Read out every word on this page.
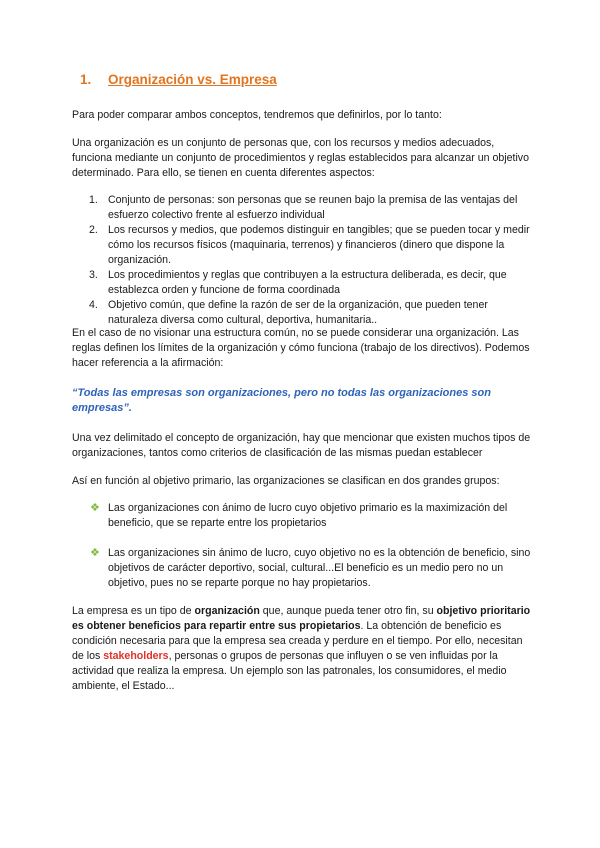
1. Organización vs. Empresa

Para poder comparar ambos conceptos, tendremos que definirlos, por lo tanto:

Una organización es un conjunto de personas que, con los recursos y medios adecuados, funciona mediante un conjunto de procedimientos y reglas establecidos para alcanzar un objetivo determinado. Para ello, se tienen en cuenta diferentes aspectos:

1. Conjunto de personas: son personas que se reunen bajo la premisa de las ventajas del esfuerzo colectivo frente al esfuerzo individual
2. Los recursos y medios, que podemos distinguir en tangibles; que se pueden tocar y medir cómo los recursos físicos (maquinaria, terrenos) y financieros (dinero que dispone la organización.
3. Los procedimientos y reglas que contribuyen a la estructura deliberada, es decir, que establezca orden y funcione de forma coordinada
4. Objetivo común, que define la razón de ser de la organización, que pueden tener naturaleza diversa como cultural, deportiva, humanitaria..

En el caso de no visionar una estructura común, no se puede considerar una organización. Las reglas definen los límites de la organización y cómo funciona (trabajo de los directivos). Podemos hacer referencia a la afirmación:

“Todas las empresas son organizaciones, pero no todas las organizaciones son empresas”.

Una vez delimitado el concepto de organización, hay que mencionar que existen muchos tipos de organizaciones, tantos como criterios de clasificación de las mismas puedan establecer

Así en función al objetivo primario, las organizaciones se clasifican en dos grandes grupos:

❖ Las organizaciones con ánimo de lucro cuyo objetivo primario es la maximización del beneficio, que se reparte entre los propietarios
❖ Las organizaciones sin ánimo de lucro, cuyo objetivo no es la obtención de beneficio, sino objetivos de carácter deportivo, social, cultural...El beneficio es un medio pero no un objetivo, pues no se reparte porque no hay propietarios.

La empresa es un tipo de organización que, aunque pueda tener otro fin, su objetivo prioritario es obtener beneficios para repartir entre sus propietarios. La obtención de beneficio es condición necesaria para que la empresa sea creada y perdure en el tiempo. Por ello, necesitan de los stakeholders, personas o grupos de personas que influyen o se ven influidas por la actividad que realiza la empresa. Un ejemplo son las patronales, los consumidores, el medio ambiente, el Estado...
